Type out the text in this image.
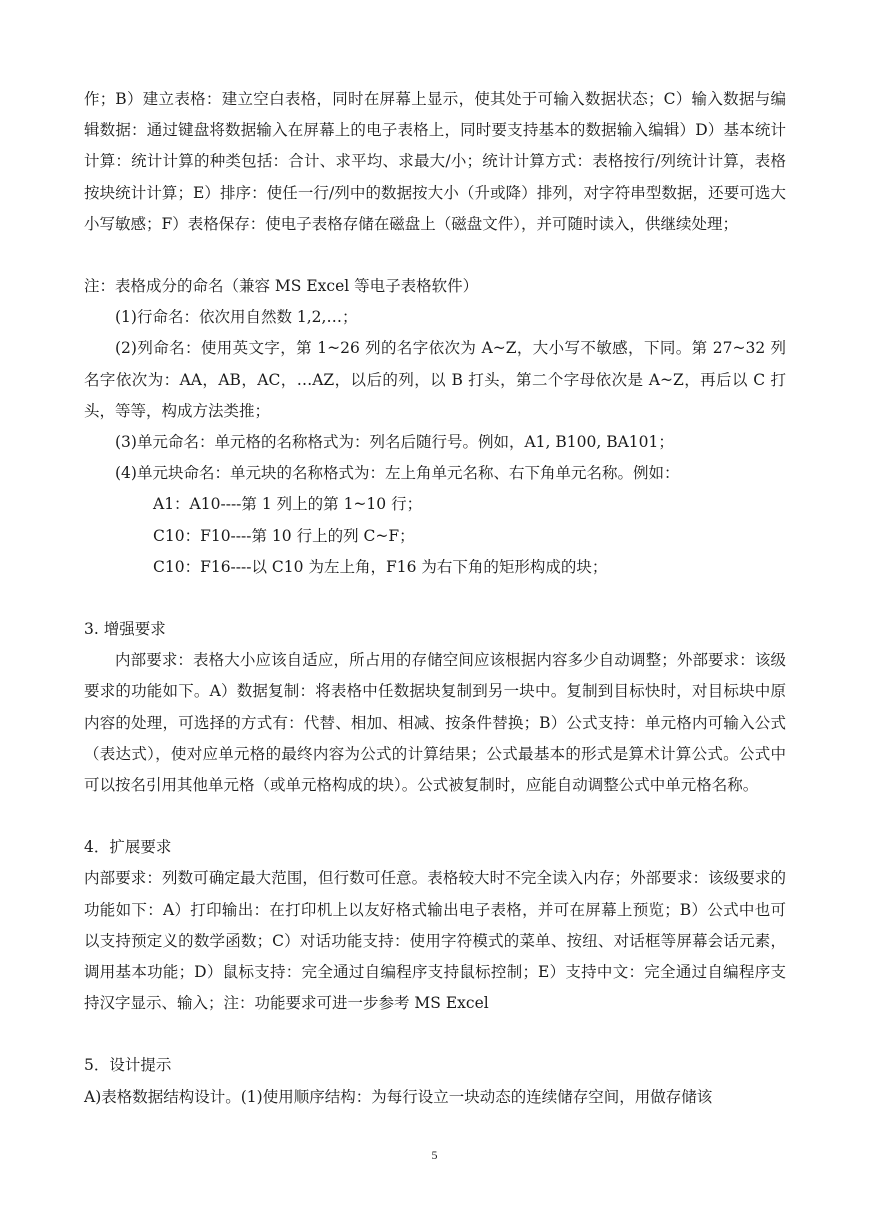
作；B）建立表格：建立空白表格，同时在屏幕上显示，使其处于可输入数据状态；C）输入数据与编辑数据：通过键盘将数据输入在屏幕上的电子表格上，同时要支持基本的数据输入编辑）D）基本统计计算：统计计算的种类包括：合计、求平均、求最大/小；统计计算方式：表格按行/列统计计算，表格按块统计计算；E）排序：使任一行/列中的数据按大小（升或降）排列，对字符串型数据，还要可选大小写敏感；F）表格保存：使电子表格存储在磁盘上（磁盘文件），并可随时读入，供继续处理；

注：表格成分的命名（兼容 MS Excel 等电子表格软件）

(1)行命名：依次用自然数 1,2,…；

(2)列命名：使用英文字，第 1~26 列的名字依次为 A~Z，大小写不敏感，下同。第 27~32 列名字依次为：AA，AB，AC，…AZ，以后的列，以 B 打头，第二个字母依次是 A~Z，再后以 C 打头，等等，构成方法类推；

(3)单元命名：单元格的名称格式为：列名后随行号。例如，A1, B100, BA101；

(4)单元块命名：单元块的名称格式为：左上角单元名称、右下角单元名称。例如：

A1：A10----第 1 列上的第 1~10 行；

C10：F10----第 10 行上的列 C~F；

C10：F16----以 C10 为左上角，F16 为右下角的矩形构成的块；

3. 增强要求

内部要求：表格大小应该自适应，所占用的存储空间应该根据内容多少自动调整；外部要求：该级要求的功能如下。A）数据复制：将表格中任数据块复制到另一块中。复制到目标快时，对目标块中原内容的处理，可选择的方式有：代替、相加、相减、按条件替换；B）公式支持：单元格内可输入公式（表达式），使对应单元格的最终内容为公式的计算结果；公式最基本的形式是算术计算公式。公式中可以按名引用其他单元格（或单元格构成的块）。公式被复制时，应能自动调整公式中单元格名称。

4．扩展要求

内部要求：列数可确定最大范围，但行数可任意。表格较大时不完全读入内存；外部要求：该级要求的功能如下：A）打印输出：在打印机上以友好格式输出电子表格，并可在屏幕上预览；B）公式中也可以支持预定义的数学函数；C）对话功能支持：使用字符模式的菜单、按纽、对话框等屏幕会话元素，调用基本功能；D）鼠标支持：完全通过自编程序支持鼠标控制；E）支持中文：完全通过自编程序支持汉字显示、输入；注：功能要求可进一步参考 MS Excel

5．设计提示

A)表格数据结构设计。(1)使用顺序结构：为每行设立一块动态的连续储存空间，用做存储该

5
